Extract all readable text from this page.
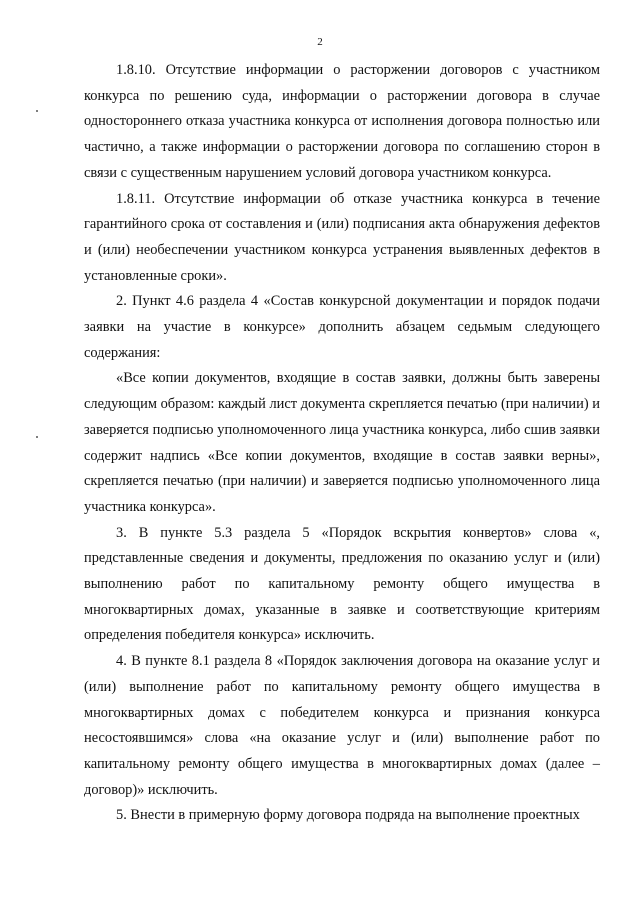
2

1.8.10. Отсутствие информации о расторжении договоров с участником конкурса по решению суда, информации о расторжении договора в случае одностороннего отказа участника конкурса от исполнения договора полностью или частично, а также информации о расторжении договора по соглашению сторон в связи с существенным нарушением условий договора участником конкурса.

1.8.11. Отсутствие информации об отказе участника конкурса в течение гарантийного срока от составления и (или) подписания акта обнаружения дефектов и (или) необеспечении участником конкурса устранения выявленных дефектов в установленные сроки».

2. Пункт 4.6 раздела 4 «Состав конкурсной документации и порядок подачи заявки на участие в конкурсе» дополнить абзацем седьмым следующего содержания:

«Все копии документов, входящие в состав заявки, должны быть заверены следующим образом: каждый лист документа скрепляется печатью (при наличии) и заверяется подписью уполномоченного лица участника конкурса, либо сшив заявки содержит надпись «Все копии документов, входящие в состав заявки верны», скрепляется печатью (при наличии) и заверяется подписью уполномоченного лица участника конкурса».

3. В пункте 5.3 раздела 5 «Порядок вскрытия конвертов» слова «, представленные сведения и документы, предложения по оказанию услуг и (или) выполнению работ по капитальному ремонту общего имущества в многоквартирных домах, указанные в заявке и соответствующие критериям определения победителя конкурса» исключить.

4. В пункте 8.1 раздела 8 «Порядок заключения договора на оказание услуг и (или) выполнение работ по капитальному ремонту общего имущества в многоквартирных домах с победителем конкурса и признания конкурса несостоявшимся» слова «на оказание услуг и (или) выполнение работ по капитальному ремонту общего имущества в многоквартирных домах (далее – договор)» исключить.

5. Внести в примерную форму договора подряда на выполнение проектных
